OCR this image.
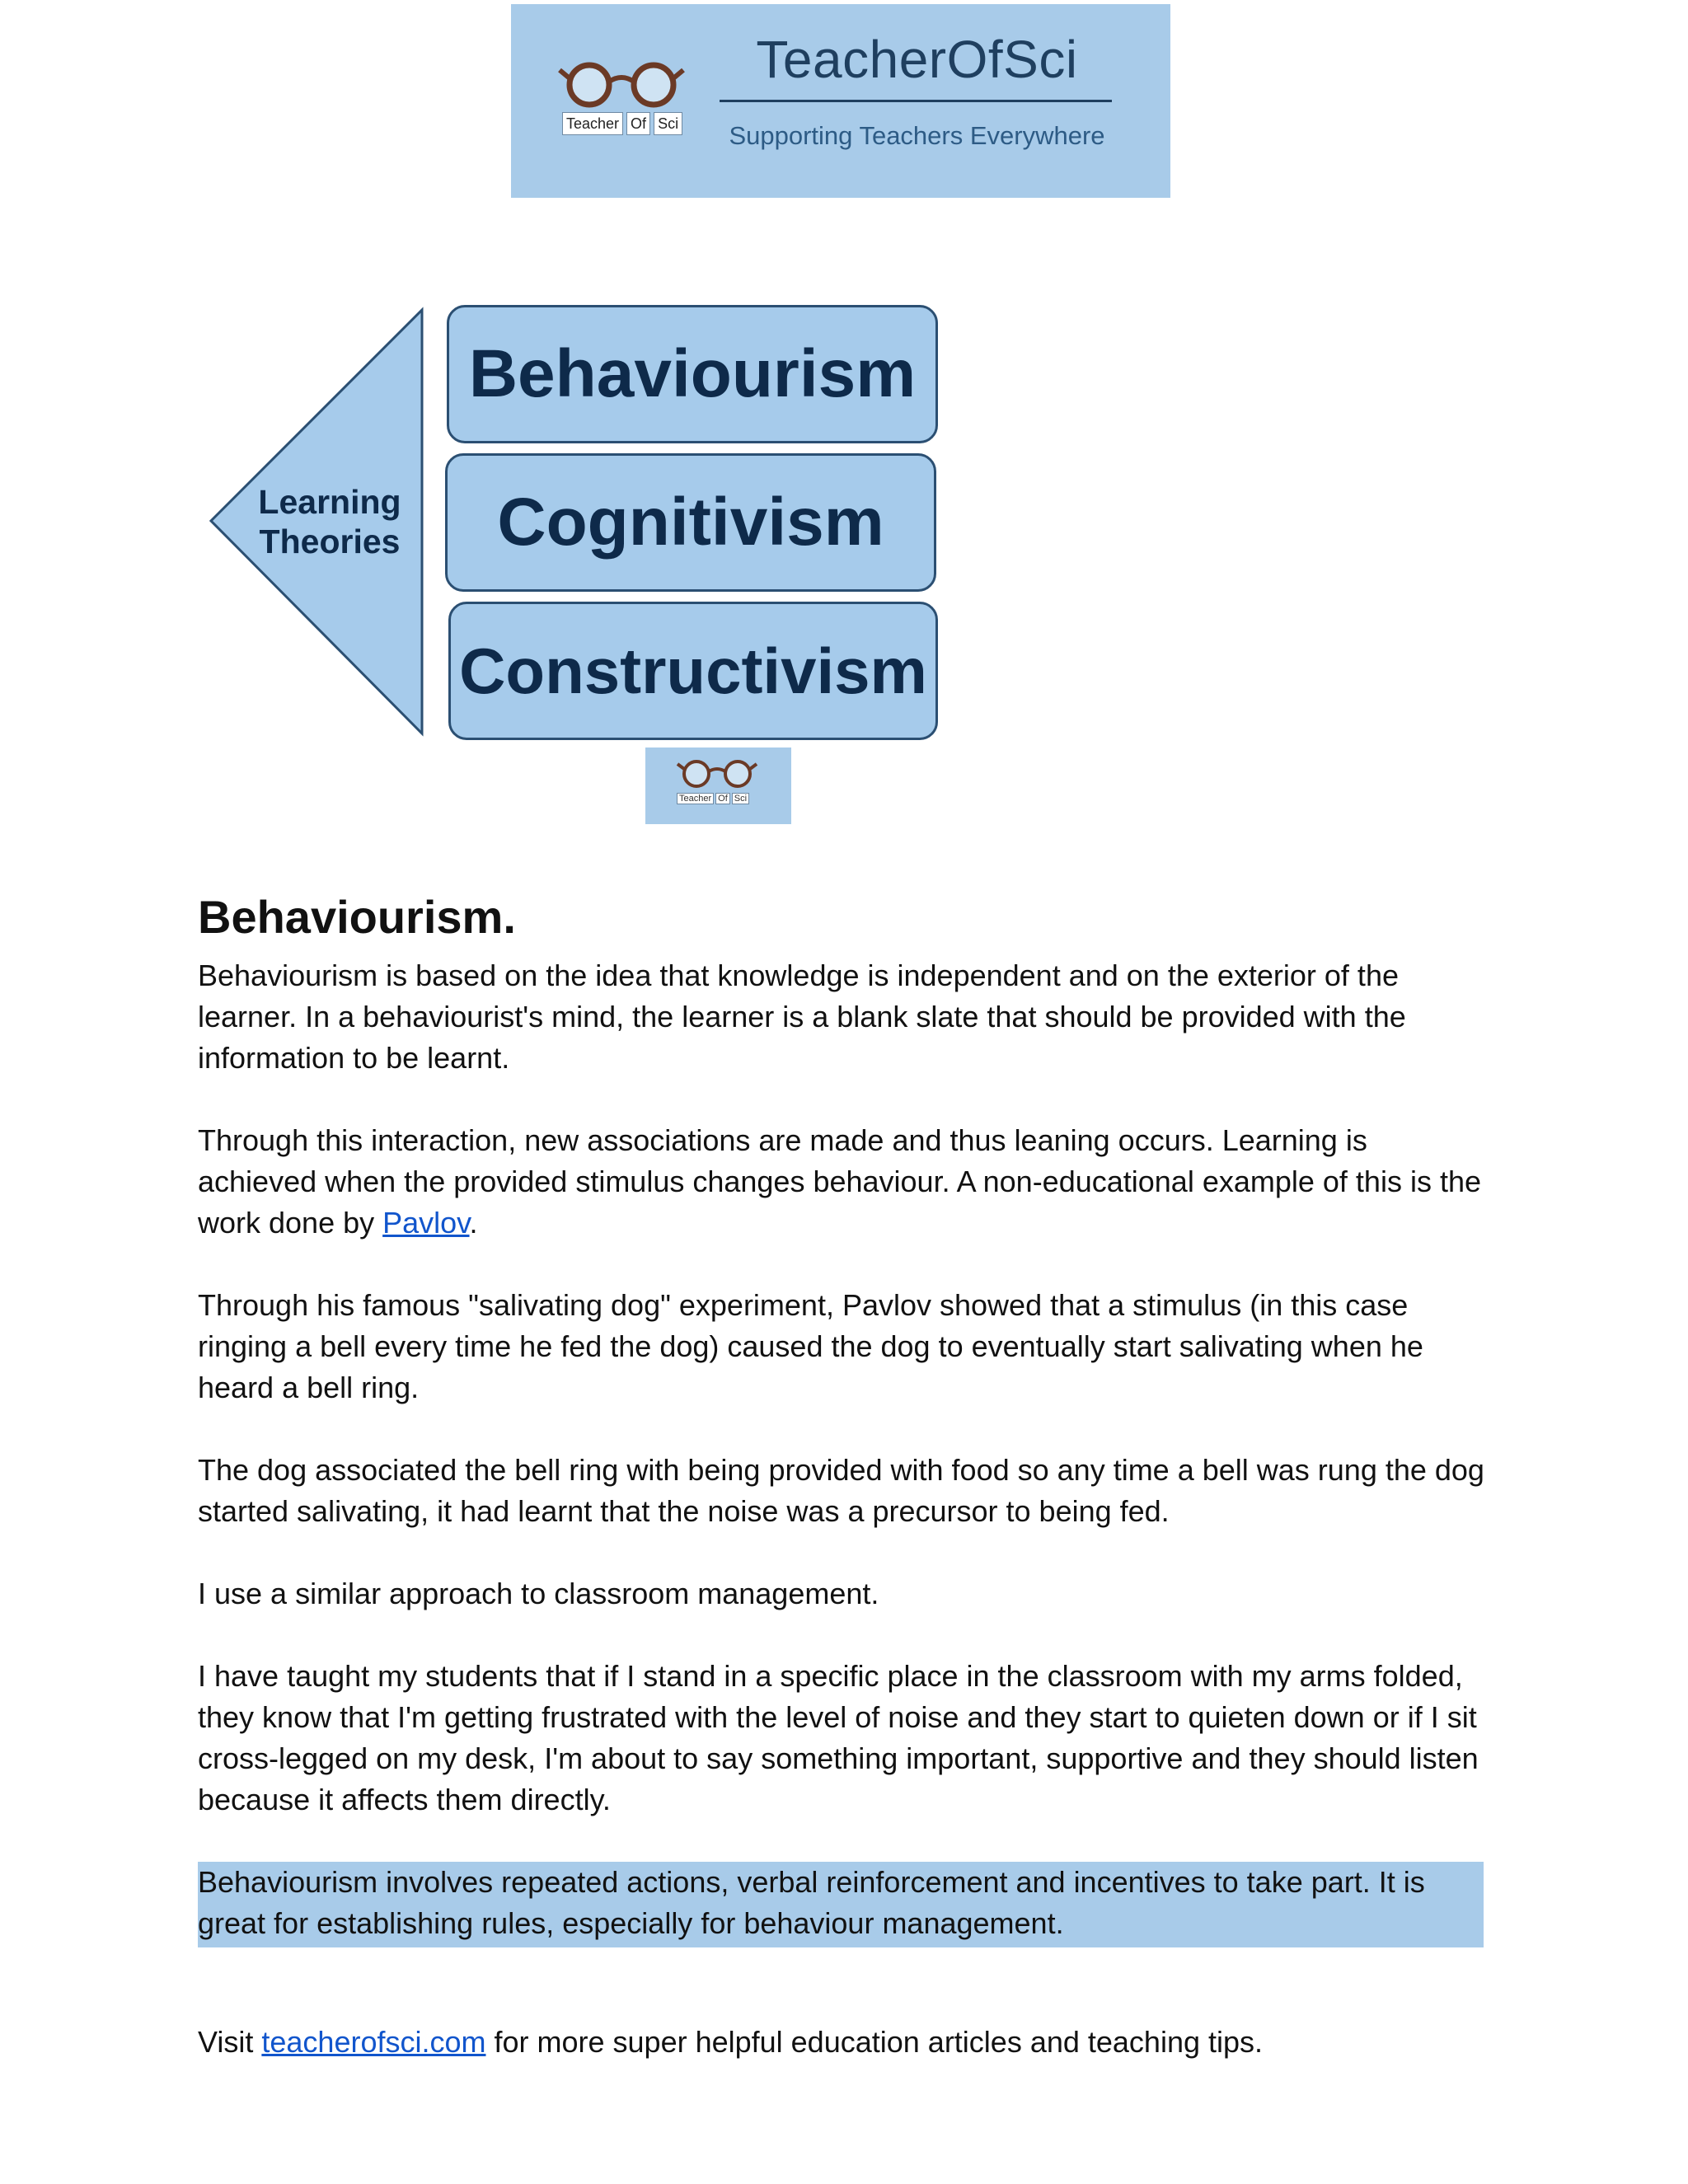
Teacher Of Sci
TeacherOfSci
Supporting Teachers Everywhere
Learning
Theories
Behaviourism
Cognitivism
Constructivism
Teacher Of Sci
Behaviourism.

Behaviourism is based on the idea that knowledge is independent and on the exterior of the learner. In a behaviourist's mind, the learner is a blank slate that should be provided with the information to be learnt.

Through this interaction, new associations are made and thus leaning occurs. Learning is achieved when the provided stimulus changes behaviour. A non-educational example of this is the work done by Pavlov.

Through his famous "salivating dog" experiment, Pavlov showed that a stimulus (in this case ringing a bell every time he fed the dog) caused the dog to eventually start salivating when he heard a bell ring.

The dog associated the bell ring with being provided with food so any time a bell was rung the dog started salivating, it had learnt that the noise was a precursor to being fed.

I use a similar approach to classroom management.

I have taught my students that if I stand in a specific place in the classroom with my arms folded, they know that I'm getting frustrated with the level of noise and they start to quieten down or if I sit cross-legged on my desk, I'm about to say something important, supportive and they should listen because it affects them directly.

Behaviourism involves repeated actions, verbal reinforcement and incentives to take part. It is great for establishing rules, especially for behaviour management.

Visit teacherofsci.com for more super helpful education articles and teaching tips.
